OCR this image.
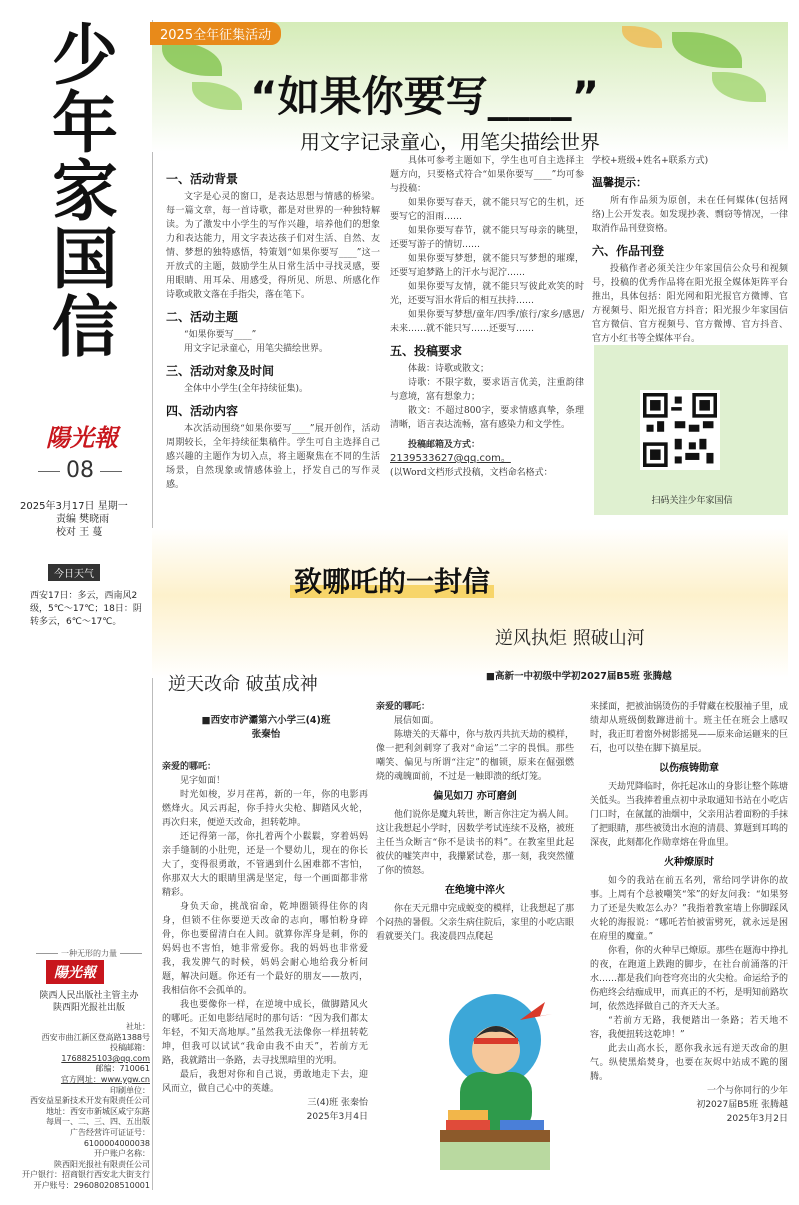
少
年
家
国
信
陽光報
08
2025年3月17日 星期一
责编 樊晓雨
校对 王 蔓
今日天气
西安17日：多云，西南风2级，5℃～17℃；18日：阴转多云，6℃～17℃。
一种无形的力量
陽光報
陕西人民出版社主管主办
陕西阳光报社出版
社址：
西安市曲江新区登高路1388号
投稿邮箱：
1768825103@qq.com
邮编：710061
官方网址：www.ygw.cn
印刷单位：
西安益星新技术开发有限责任公司
地址：西安市新城区咸宁东路
每周一、二、三、四、五出版
广告经营许可证证号：
6100004000038
开户账户名称：
陕西阳光报社有限责任公司
开户银行：招商银行西安北大街支行
开户账号：296080208510001
2025全年征集活动
“如果你要写____”
用文字记录童心，用笔尖描绘世界
一、活动背景

文字是心灵的窗口，是表达思想与情感的桥梁。每一篇文章，每一首诗歌，都是对世界的一种独特解读。为了激发中小学生的写作兴趣，培养他们的想象力和表达能力，用文字表达孩子们对生活、自然、友情、梦想的独特感悟，特策划“如果你要写____”这一开放式的主题，鼓励学生从日常生活中寻找灵感，要用眼睛、用耳朵、用感受，得所见、所思、所感化作诗歌或散文落在手指尖，落在笔下。

二、活动主题

“如果你要写____”

用文字记录童心，用笔尖描绘世界。

三、活动对象及时间

全体中小学生(全年持续征集)。

四、活动内容

本次活动围绕“如果你要写____”展开创作，活动周期较长，全年持续征集稿件。学生可自主选择自己感兴趣的主题作为切入点，将主题聚焦在不同的生活场景，自然现象或情感体验上，抒发自己的写作灵感。

具体可参考主题如下，学生也可自主选择主题方向，只要格式符合“如果你要写____”均可参与投稿：

如果你要写春天，就不能只写它的生机，还要写它的泪雨……

如果你要写春节，就不能只写母亲的眺望，还要写游子的情切……

如果你要写梦想，就不能只写梦想的璀璨，还要写追梦路上的汗水与泥泞……

如果你要写友情，就不能只写彼此欢笑的时光，还要写泪水背后的相互扶持……

如果你要写梦想/童年/四季/旅行/家乡/感恩/未来……就不能只写……还要写……

五、投稿要求

体裁：诗歌或散文；

诗歌：不限字数，要求语言优美，注重韵律与意境，富有想象力；

散文：不超过800字，要求情感真挚，条理清晰，语言表达流畅，富有感染力和文学性。

投稿邮箱及方式：

2139533627@qq.com。

(以Word文档形式投稿，文档命名格式：

学校+班级+姓名+联系方式)

温馨提示：

所有作品须为原创，未在任何媒体(包括网络)上公开发表。如发现抄袭、剽窃等情况，一律取消作品刊登资格。

六、作品刊登

投稿作者必须关注少年家国信公众号和视频号，投稿的优秀作品将在阳光报全媒体矩阵平台推出，具体包括：阳光网和阳光报官方微博、官方视频号、阳光报官方抖音；阳光报少年家国信官方微信、官方视频号、官方微博、官方抖音、官方小红书等全媒体平台。

扫码关注少年家国信
致哪吒的一封信
逆风执炬 照破山河
■高新一中初级中学初2027届B5班 张腾越
逆天改命 破茧成神
■西安市浐灞第六小学三(4)班
张秦怡

亲爱的哪吒：

见字如面！

时光如梭，岁月荏苒，新的一年，你的电影再燃烽火。风云再起，你手持火尖枪、脚踏风火轮，再次归来，便逆天改命，担转乾坤。

还记得第一部，你扎着两个小鬏鬏，穿着妈妈亲手缝制的小肚兜，还是一个婴幼儿，现在的你长大了，变得很勇敢，不管遇到什么困难都不害怕，你那双大大的眼睛里满是坚定，每一个画面都非常精彩。

身负天命，挑战宿命，乾坤圈锁得住你的肉身，但锁不住你要逆天改命的志向，哪怕粉身碎骨，你也要留清白在人间。就算你浑身是刺，你的妈妈也不害怕，她非常爱你。我的妈妈也非常爱我，我发脾气的时候，妈妈会耐心地给我分析问题，解决问题。你还有一个最好的朋友——敖丙，我相信你不会孤单的。

我也要像你一样，在逆境中成长，做脚踏风火的哪吒。正如电影结尾时的那句话：“因为我们都太年轻，不知天高地厚。”虽然我无法像你一样扭转乾坤，但我可以试试“我命由我不由天”，若前方无路，我就踏出一条路，去寻找黑暗里的光明。

最后，我想对你和自己说，勇敢地走下去，迎风而立，做自己心中的英雄。

三(4)班 张秦怡
2025年3月4日

亲爱的哪吒：

展信如面。

陈塘关的天幕中，你与敖丙共抗天劫的模样，像一把利剑刺穿了我对“命运”二字的畏惧。那些嘲笑、偏见与所谓“注定”的枷锁，原来在倔强燃烧的魂魄面前，不过是一触即溃的纸灯笼。

偏见如刀 亦可磨剑

他们说你是魔丸转世，断言你注定为祸人间。这让我想起小学时，因数学考试连续不及格，被班主任当众断言“你不是读书的料”。在教室里此起彼伏的嘘笑声中，我攥紧试卷，那一刻，我突然懂了你的愤怒。

在绝境中淬火

你在天元鼎中完成蜕变的模样，让我想起了那个闷热的暑假。父亲生病住院后，家里的小吃店眼看就要关门。我凌晨四点爬起

来揉面，把被油锅烫伤的手臂藏在校服袖子里，成绩却从班级倒数蹿进前十。班主任在班会上感叹时，我正盯着窗外树影摇晃——原来命运砸来的巨石，也可以垫在脚下搞星辰。

以伤痕铸勋章

天劫咒降临时，你托起冰山的身影让整个陈塘关低头。当我捧着重点初中录取通知书站在小吃店门口时，在氤氲的油烟中，父亲用沾着面粉的手抹了把眼睛，那些被烫出水泡的清晨、算题到耳鸣的深夜，此刻都化作勋章熔在骨血里。

火种燎原时

如今的我站在前五名列，常给同学讲你的故事。上周有个总被嘲笑“笨”的好友问我：“如果努力了还是失败怎么办？”我指着教室墙上你脚踩风火轮的海报说：“哪吒若怕被雷劈死，就永远是困在府里的魔童。”

你看，你的火种早已燎原。那些在题海中挣扎的夜，在跑道上跌跑的脚步，在社台前涌落的汗水……都是我们向苍穹亮出的火尖枪。命运给予的伤疤终会结痂成甲，而真正的不朽，是明知前路坎坷，依然选择做自己的齐天大圣。

“若前方无路，我便踏出一条路；若天地不容，我便扭转这乾坤！”

此去山高水长，愿你我永远有逆天改命的胆气。纵使黑焰焚身，也要在灰烬中站成不跪的图腾。

一个与你同行的少年
初2027届B5班 张腾越
2025年3月2日
